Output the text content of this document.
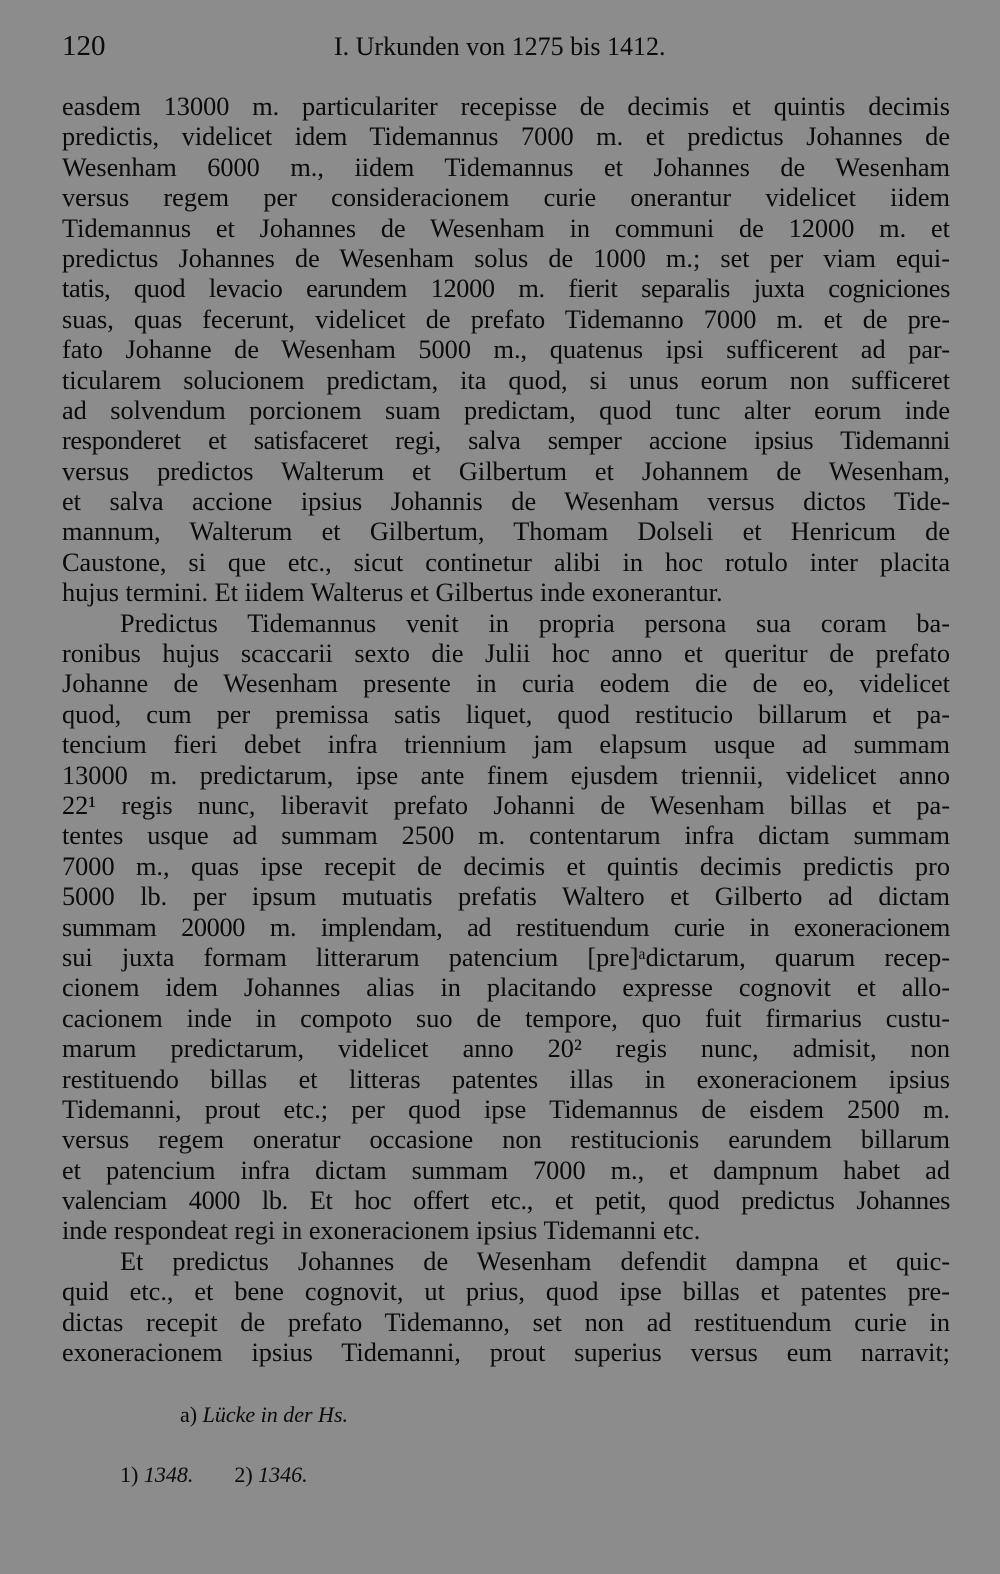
120	I. Urkunden von 1275 bis 1412.
easdem 13000 m. particulariter recepisse de decimis et quintis decimis
predictis, videlicet idem Tidemannus 7000 m. et predictus Johannes de
Wesenham 6000 m., iidem Tidemannus et Johannes de Wesenham
versus regem per consideracionem curie onerantur videlicet iidem
Tidemannus et Johannes de Wesenham in communi de 12000 m. et
predictus Johannes de Wesenham solus de 1000 m.; set per viam equi-
tatis, quod levacio earundem 12000 m. fierit separalis juxta cogniciones
suas, quas fecerunt, videlicet de prefato Tidemanno 7000 m. et de pre-
fato Johanne de Wesenham 5000 m., quatenus ipsi sufficerent ad par-
ticularem solucionem predictam, ita quod, si unus eorum non sufficeret
ad solvendum porcionem suam predictam, quod tunc alter eorum inde
responderet et satisfaceret regi, salva semper accione ipsius Tidemanni
versus predictos Walterum et Gilbertum et Johannem de Wesenham,
et salva accione ipsius Johannis de Wesenham versus dictos Tide-
mannum, Walterum et Gilbertum, Thomam Dolseli et Henricum de
Caustone, si que etc., sicut continetur alibi in hoc rotulo inter placita
hujus termini. Et iidem Walterus et Gilbertus inde exonerantur.
Predictus Tidemannus venit in propria persona sua coram ba-
ronibus hujus scaccarii sexto die Julii hoc anno et queritur de prefato
Johanne de Wesenham presente in curia eodem die de eo, videlicet
quod, cum per premissa satis liquet, quod restitucio billarum et pa-
tencium fieri debet infra triennium jam elapsum usque ad summam
13000 m. predictarum, ipse ante finem ejusdem triennii, videlicet anno
22¹ regis nunc, liberavit prefato Johanni de Wesenham billas et pa-
tentes usque ad summam 2500 m. contentarum infra dictam summam
7000 m., quas ipse recepit de decimis et quintis decimis predictis pro
5000 lb. per ipsum mutuatis prefatis Waltero et Gilberto ad dictam
summam 20000 m. implendam, ad restituendum curie in exoneracionem
sui juxta formam litterarum patencium [pre]ᵃdictarum, quarum recep-
cionem idem Johannes alias in placitando expresse cognovit et allo-
cacionem inde in compoto suo de tempore, quo fuit firmarius custu-
marum predictarum, videlicet anno 20² regis nunc, admisit, non
restituendo billas et litteras patentes illas in exoneracionem ipsius
Tidemanni, prout etc.; per quod ipse Tidemannus de eisdem 2500 m.
versus regem oneratur occasione non restitucionis earundem billarum
et patencium infra dictam summam 7000 m., et dampnum habet ad
valenciam 4000 lb. Et hoc offert etc., et petit, quod predictus Johannes
inde respondeat regi in exoneracionem ipsius Tidemanni etc.
Et predictus Johannes de Wesenham defendit dampna et quic-
quid etc., et bene cognovit, ut prius, quod ipse billas et patentes pre-
dictas recepit de prefato Tidemanno, set non ad restituendum curie in
exoneracionem ipsius Tidemanni, prout superius versus eum narravit;
a) Lücke in der Hs.
1) 1348. 2) 1346.
